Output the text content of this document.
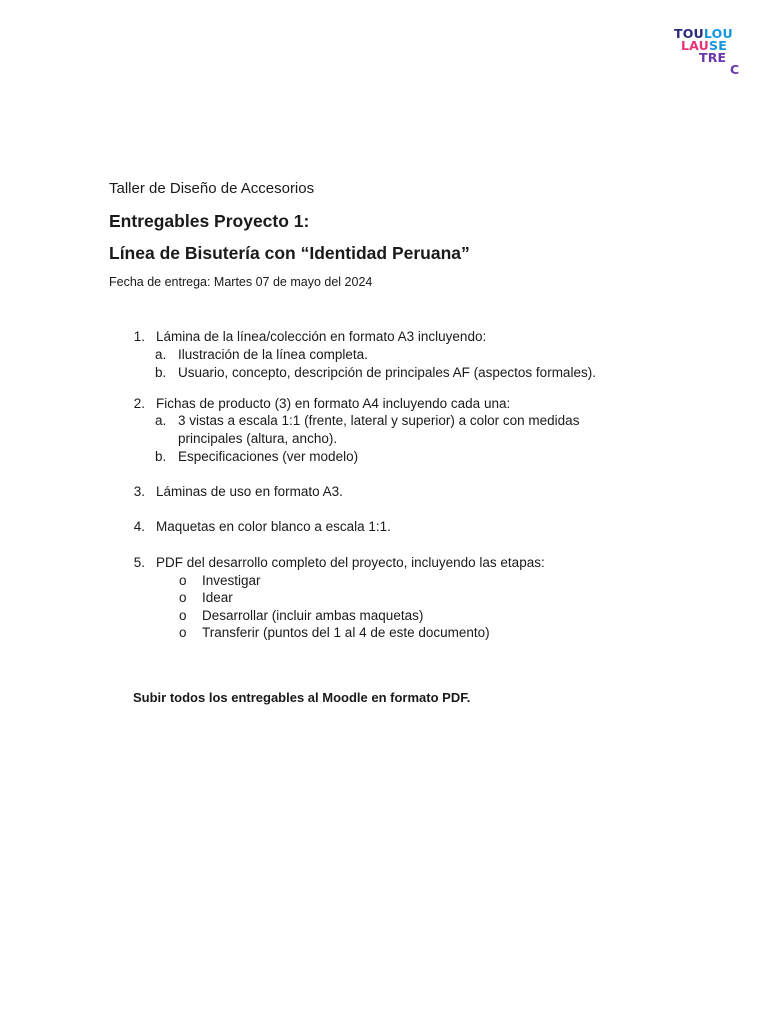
TOULOU
LAUSE
TRE
C

Taller de Diseño de Accesorios

Entregables Proyecto 1:

Línea de Bisutería con “Identidad Peruana”

Fecha de entrega: Martes 07 de mayo del 2024

1. Lámina de la línea/colección en formato A3 incluyendo:
a. Ilustración de la línea completa.
b. Usuario, concepto, descripción de principales AF (aspectos formales).
2. Fichas de producto (3) en formato A4 incluyendo cada una:
a. 3 vistas a escala 1:1 (frente, lateral y superior) a color con medidas
principales (altura, ancho).
b. Especificaciones (ver modelo)
3. Láminas de uso en formato A3.
4. Maquetas en color blanco a escala 1:1.
5. PDF del desarrollo completo del proyecto, incluyendo las etapas:
o Investigar
o Idear
o Desarrollar (incluir ambas maquetas)
o Transferir (puntos del 1 al 4 de este documento)

Subir todos los entregables al Moodle en formato PDF.
